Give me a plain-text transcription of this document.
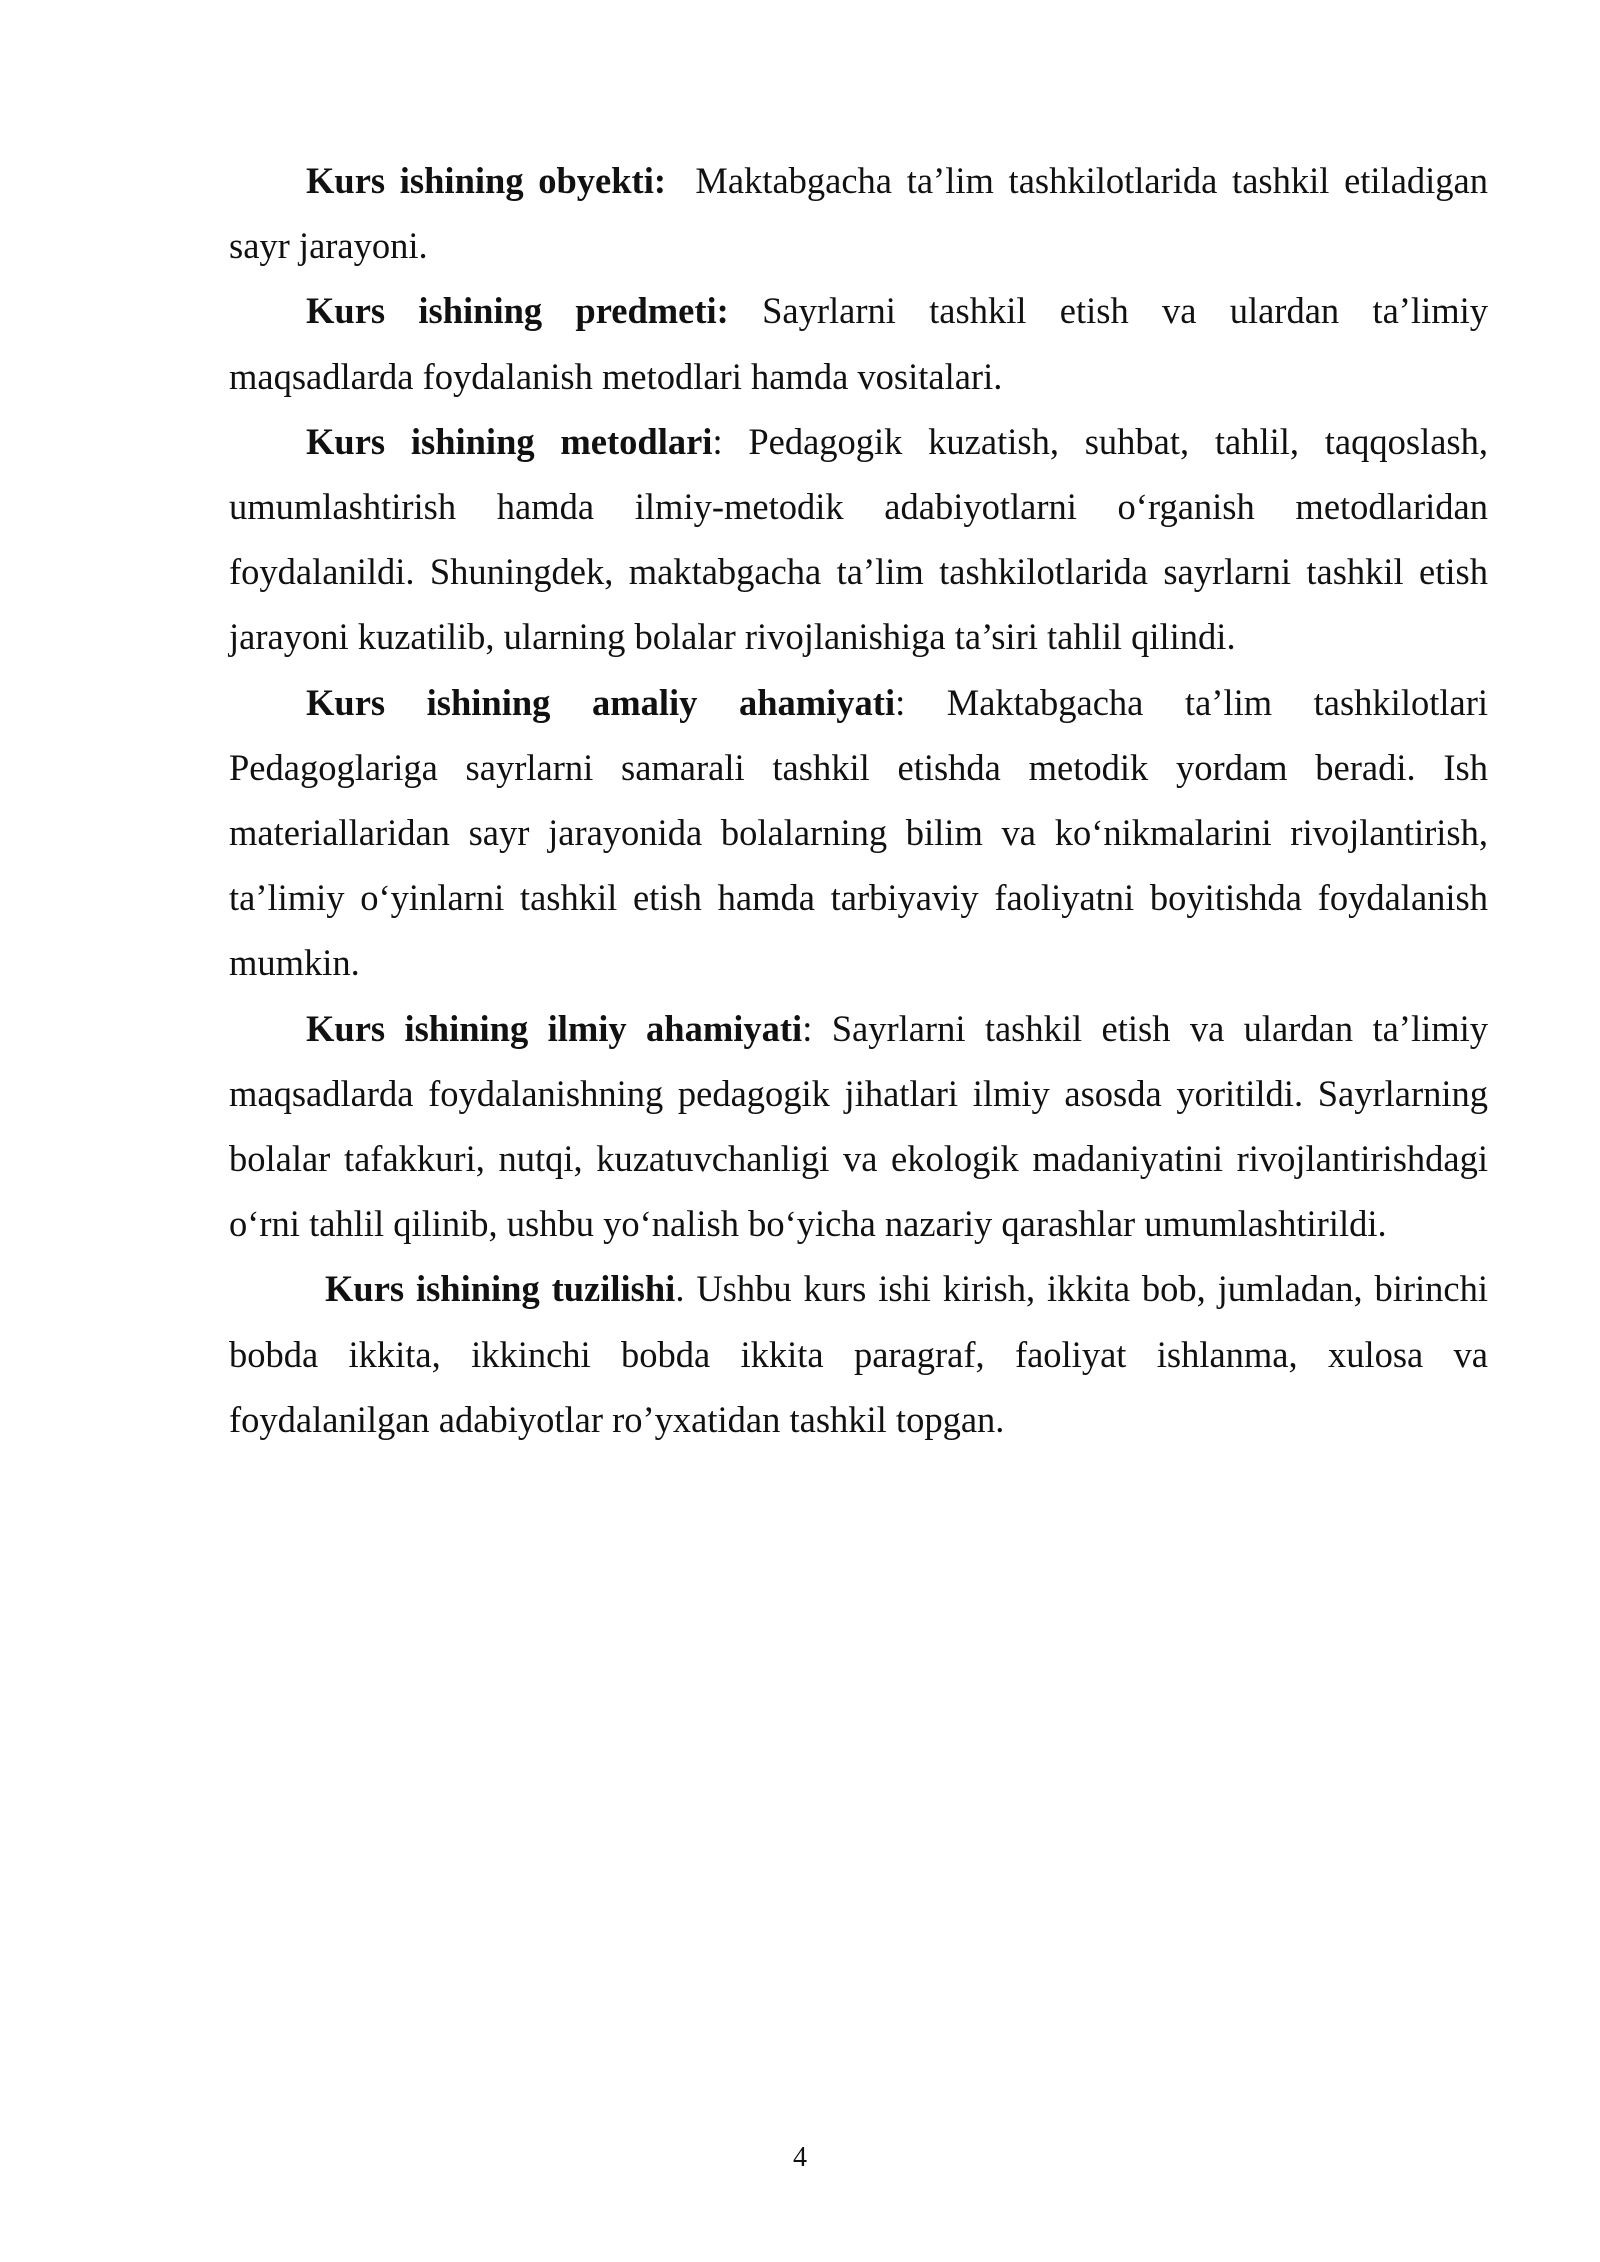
Kurs ishining obyekti:  Maktabgacha ta’lim tashkilotlarida tashkil etiladigan sayr jarayoni.

Kurs ishining predmeti: Sayrlarni tashkil etish va ulardan ta’limiy maqsadlarda foydalanish metodlari hamda vositalari.

Kurs ishining metodlari: Pedagogik kuzatish, suhbat, tahlil, taqqoslash, umumlashtirish hamda ilmiy-metodik adabiyotlarni o‘rganish metodlaridan foydalanildi. Shuningdek, maktabgacha ta’lim tashkilotlarida sayrlarni tashkil etish jarayoni kuzatilib, ularning bolalar rivojlanishiga ta’siri tahlil qilindi.

Kurs ishining amaliy ahamiyati: Maktabgacha ta’lim tashkilotlari Pedagoglariga sayrlarni samarali tashkil etishda metodik yordam beradi. Ish materiallaridan sayr jarayonida bolalarning bilim va ko‘nikmalarini rivojlantirish, ta’limiy o‘yinlarni tashkil etish hamda tarbiyaviy faoliyatni boyitishda foydalanish mumkin.

Kurs ishining ilmiy ahamiyati: Sayrlarni tashkil etish va ulardan ta’limiy maqsadlarda foydalanishning pedagogik jihatlari ilmiy asosda yoritildi. Sayrlarning bolalar tafakkuri, nutqi, kuzatuvchanligi va ekologik madaniyatini rivojlantirishdagi o‘rni tahlil qilinib, ushbu yo‘nalish bo‘yicha nazariy qarashlar umumlashtirildi.

Kurs ishining tuzilishi. Ushbu kurs ishi kirish, ikkita bob, jumladan, birinchi bobda ikkita, ikkinchi bobda ikkita paragraf, faoliyat ishlanma, xulosa va foydalanilgan adabiyotlar ro’yxatidan tashkil topgan.

4
